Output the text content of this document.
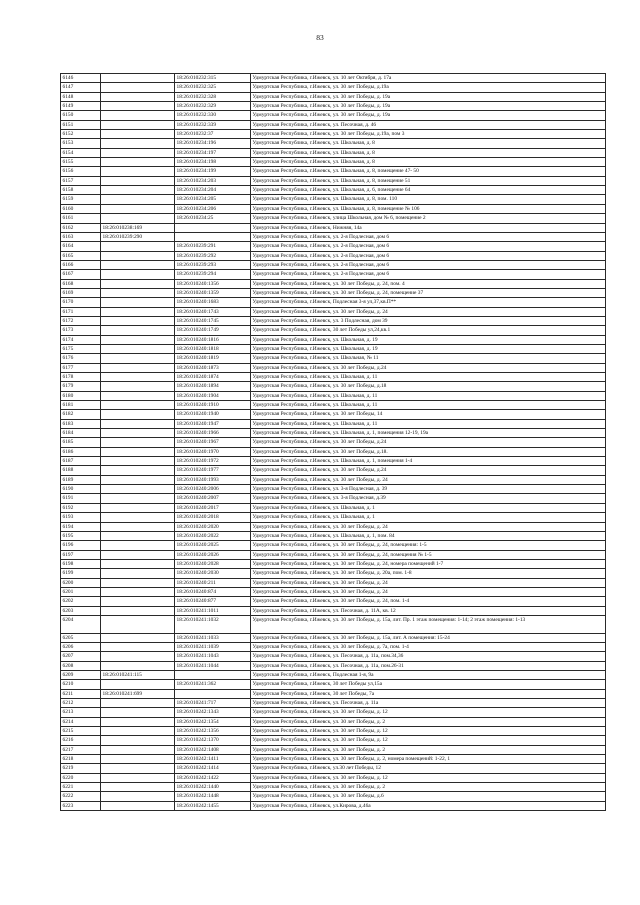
83
6146		18:26:010232:315	Удмуртская Республика, г.Ижевск, ул. 10 лет Октября, д. 17а
6147		18:26:010232:325	Удмуртская Республика, г.Ижевск, ул. 30 лет Победы, д.19а
6148		18:26:010232:328	Удмуртская Республика, г.Ижевск, ул. 30 лет Победы, д. 19а
6149		18:26:010232:329	Удмуртская Республика, г.Ижевск, ул. 30 лет Победы, д. 19а
6150		18:26:010232:330	Удмуртская Республика, г.Ижевск, ул. 30 лет Победы, д. 19а
6151		18:26:010232:339	Удмуртская Республика, г.Ижевск, ул. Песочная, д. 46
6152		18:26:010232:37	Удмуртская Республика, г.Ижевск, ул. 30 лет Победы, д.19а, пом 3
6153		18:26:010234:196	Удмуртская Республика, г.Ижевск, ул. Школьная, д. 8
6154		18:26:010234:197	Удмуртская Республика, г.Ижевск, ул. Школьная, д. 8
6155		18:26:010234:198	Удмуртская Республика, г.Ижевск, ул. Школьная, д. 8
6156		18:26:010234:199	Удмуртская Республика, г.Ижевск, ул. Школьная, д. 8, помещение 47- 50
6157		18:26:010234:203	Удмуртская Республика, г.Ижевск, ул. Школьная, д. 8, помещение 51
6158		18:26:010234:204	Удмуртская Республика, г.Ижевск, ул. Школьная, д. 6, помещение 64
6159		18:26:010234:205	Удмуртская Республика, г.Ижевск, ул. Школьная, д. 8, пом. 110
6160		18:26:010234:206	Удмуртская Республика, г.Ижевск, ул. Школьная, д. 8, помещение № 106
6161		18:26:010234:25	Удмуртская Республика, г.Ижевск, улица Школьная, дом № 6, помещение 2
6162	18:26:010238:169		Удмуртская Республика, г.Ижевск, Нижняя, 14а
6163	18:26:010239:290		Удмуртская Республика, г.Ижевск, ул. 2-я Подлесная, дом 6
6164		18:26:010239:291	Удмуртская Республика, г.Ижевск, ул. 2-я Подлесная, дом 6
6165		18:26:010239:292	Удмуртская Республика, г.Ижевск, ул. 2-я Подлесная, дом 6
6166		18:26:010239:293	Удмуртская Республика, г.Ижевск, ул. 2-я Подлесная, дом 6
6167		18:26:010239:294	Удмуртская Республика, г.Ижевск, ул. 2-я Подлесная, дом 6
6168		18:26:010240:1356	Удмуртская Республика, г.Ижевск, ул. 30 лет Победы, д. 24, пом. 4
6169		18:26:010240:1359	Удмуртская Республика, г.Ижевск, ул. 30 лет Победы, д. 24, помещение 37
6170		18:26:010240:1683	Удмуртская Республика, г.Ижевск, Подлесная 3-я ул,37,кв.П**
6171		18:26:010240:1743	Удмуртская Республика, г.Ижевск, ул. 30 лет Победы, д. 24
6172		18:26:010240:1745	Удмуртская Республика, г.Ижевск, ул. 3 Подлесная, дом 39
6173		18:26:010240:1749	Удмуртская Республика, г.Ижевск, 30 лет Победы ул,24,кв.1
6174		18:26:010240:1816	Удмуртская Республика, г.Ижевск, ул. Школьная, д. 19
6175		18:26:010240:1818	Удмуртская Республика, г.Ижевск, ул. Школьная, д. 19
6176		18:26:010240:1819	Удмуртская Республика, г.Ижевск, ул. Школьная, № 11
6177		18:26:010240:1873	Удмуртская Республика, г.Ижевск, ул. 30 лет Победы, д.24
6178		18:26:010240:1874	Удмуртская Республика, г.Ижевск, ул. Школьная, д. 11
6179		18:26:010240:1894	Удмуртская Республика, г.Ижевск, ул. 30 лет Победы, д.18
6180		18:26:010240:1904	Удмуртская Республика, г.Ижевск, ул. Школьная, д. 11
6181		18:26:010240:1910	Удмуртская Республика, г.Ижевск, ул. Школьная, д. 11
6182		18:26:010240:1940	Удмуртская Республика, г.Ижевск, ул. 30 лет Победы, 14
6183		18:26:010240:1947	Удмуртская Республика, г.Ижевск, ул. Школьная, д. 11
6184		18:26:010240:1966	Удмуртская Республика, г.Ижевск, ул. Школьная, д. 1, помещения 12-19, 19а
6185		18:26:010240:1967	Удмуртская Республика, г.Ижевск, ул. 30 лет Победы, д.24
6186		18:26:010240:1970	Удмуртская Республика, г.Ижевск, ул. 30 лет Победы, д.18.
6187		18:26:010240:1972	Удмуртская Республика, г.Ижевск, ул. Школьная, д. 1, помещения 1-4
6188		18:26:010240:1977	Удмуртская Республика, г.Ижевск, ул. 30 лет Победы, д.24
6189		18:26:010240:1993	Удмуртская Республика, г.Ижевск, ул. 30 лет Победы, д. 24
6190		18:26:010240:2006	Удмуртская Республика, г.Ижевск, ул. 3-я Подлесная, д. 39
6191		18:26:010240:2007	Удмуртская Республика, г.Ижевск, ул. 3-я Подлесная, д.39
6192		18:26:010240:2017	Удмуртская Республика, г.Ижевск, ул. Школьная, д. 1
6193		18:26:010240:2018	Удмуртская Республика, г.Ижевск, ул. Школьная, д. 1
6194		18:26:010240:2020	Удмуртская Республика, г.Ижевск, ул. 30 лет Победы, д. 24
6195		18:26:010240:2022	Удмуртская Республика, г.Ижевск, ул. Школьная, д. 1, пом. 84
6196		18:26:010240:2025	Удмуртская Республика, г.Ижевск, ул. 30 лет Победы, д. 24, помещения: 1-5
6197		18:26:010240:2026	Удмуртская Республика, г.Ижевск, ул. 30 лет Победы, д. 24, помещения № 1-5
6198		18:26:010240:2028	Удмуртская Республика, г.Ижевск, ул. 30 лет Победы, д. 24, номера помещений 1-7
6199		18:26:010240:2030	Удмуртская Республика, г.Ижевск, ул. 30 лет Победы, д. 20а, пом. 1-8
6200		18:26:010240:211	Удмуртская Республика, г.Ижевск, ул. 30 лет Победы, д. 24
6201		18:26:010240:874	Удмуртская Республика, г.Ижевск, ул. 30 лет Победы, д. 24
6202		18:26:010240:877	Удмуртская Республика, г.Ижевск, ул. 30 лет Победы, д. 24, пом. 1-4
6203		18:26:010241:1011	Удмуртская Республика, г.Ижевск, ул. Песочная, д. 11А, кв. 12
6204		18:26:010241:1032	Удмуртская Республика, г.Ижевск, ул. 30 лет Победы, д. 15а, лит. Пр. 1 этаж помещения: 1-14; 2 этаж помещения: 1-13
6205		18:26:010241:1033	Удмуртская Республика, г.Ижевск, ул. 30 лет Победы, д. 15а, лит. А помещения: 15-24
6206		18:26:010241:1039	Удмуртская Республика, г.Ижевск, ул. 30 лет Победы, д. 7а, пом. 1-4
6207		18:26:010241:1043	Удмуртская Республика, г.Ижевск, ул. Песочная, д. 11а, пом.34,36
6208		18:26:010241:1044	Удмуртская Республика, г.Ижевск, ул. Песочная, д. 11а, пом.26-31
6209	18:26:010241:115		Удмуртская Республика, г.Ижевск, Подлесная 1-я, 9а
6210		18:26:010241:362	Удмуртская Республика, г.Ижевск, 30 лет Победы ул,15а
6211	18:26:010241:699		Удмуртская Республика, г.Ижевск, 30 лет Победы, 7а
6212		18:26:010241:717	Удмуртская Республика, г.Ижевск, ул. Песочная, д. 11а
6213		18:26:010242:1343	Удмуртская Республика, г.Ижевск, ул. 30 лет Победы, д. 12
6214		18:26:010242:1354	Удмуртская Республика, г.Ижевск, ул. 30 лет Победы, д. 2
6215		18:26:010242:1356	Удмуртская Республика, г.Ижевск, ул. 30 лет Победы, д. 12
6216		18:26:010242:1370	Удмуртская Республика, г.Ижевск, ул. 30 лет Победы, д. 12
6217		18:26:010242:1408	Удмуртская Республика, г.Ижевск, ул. 30 лет Победы, д. 2
6218		18:26:010242:1411	Удмуртская Республика, г.Ижевск, ул. 30 лет Победы, д. 2, номера помещений: 1-22, 1
6219		18:26:010242:1414	Удмуртская Республика, г.Ижевск, ул.30 лет Победы, 12
6220		18:26:010242:1422	Удмуртская Республика, г.Ижевск, ул. 30 лет Победы, д. 12
6221		18:26:010242:1440	Удмуртская Республика, г.Ижевск, ул. 30 лет Победы, д. 2
6222		18:26:010242:1448	Удмуртская Республика, г.Ижевск, ул. 30 лет Победы, д.6
6223		18:26:010242:1455	Удмуртская Республика, г.Ижевск, ул.Кирова, д.46а
